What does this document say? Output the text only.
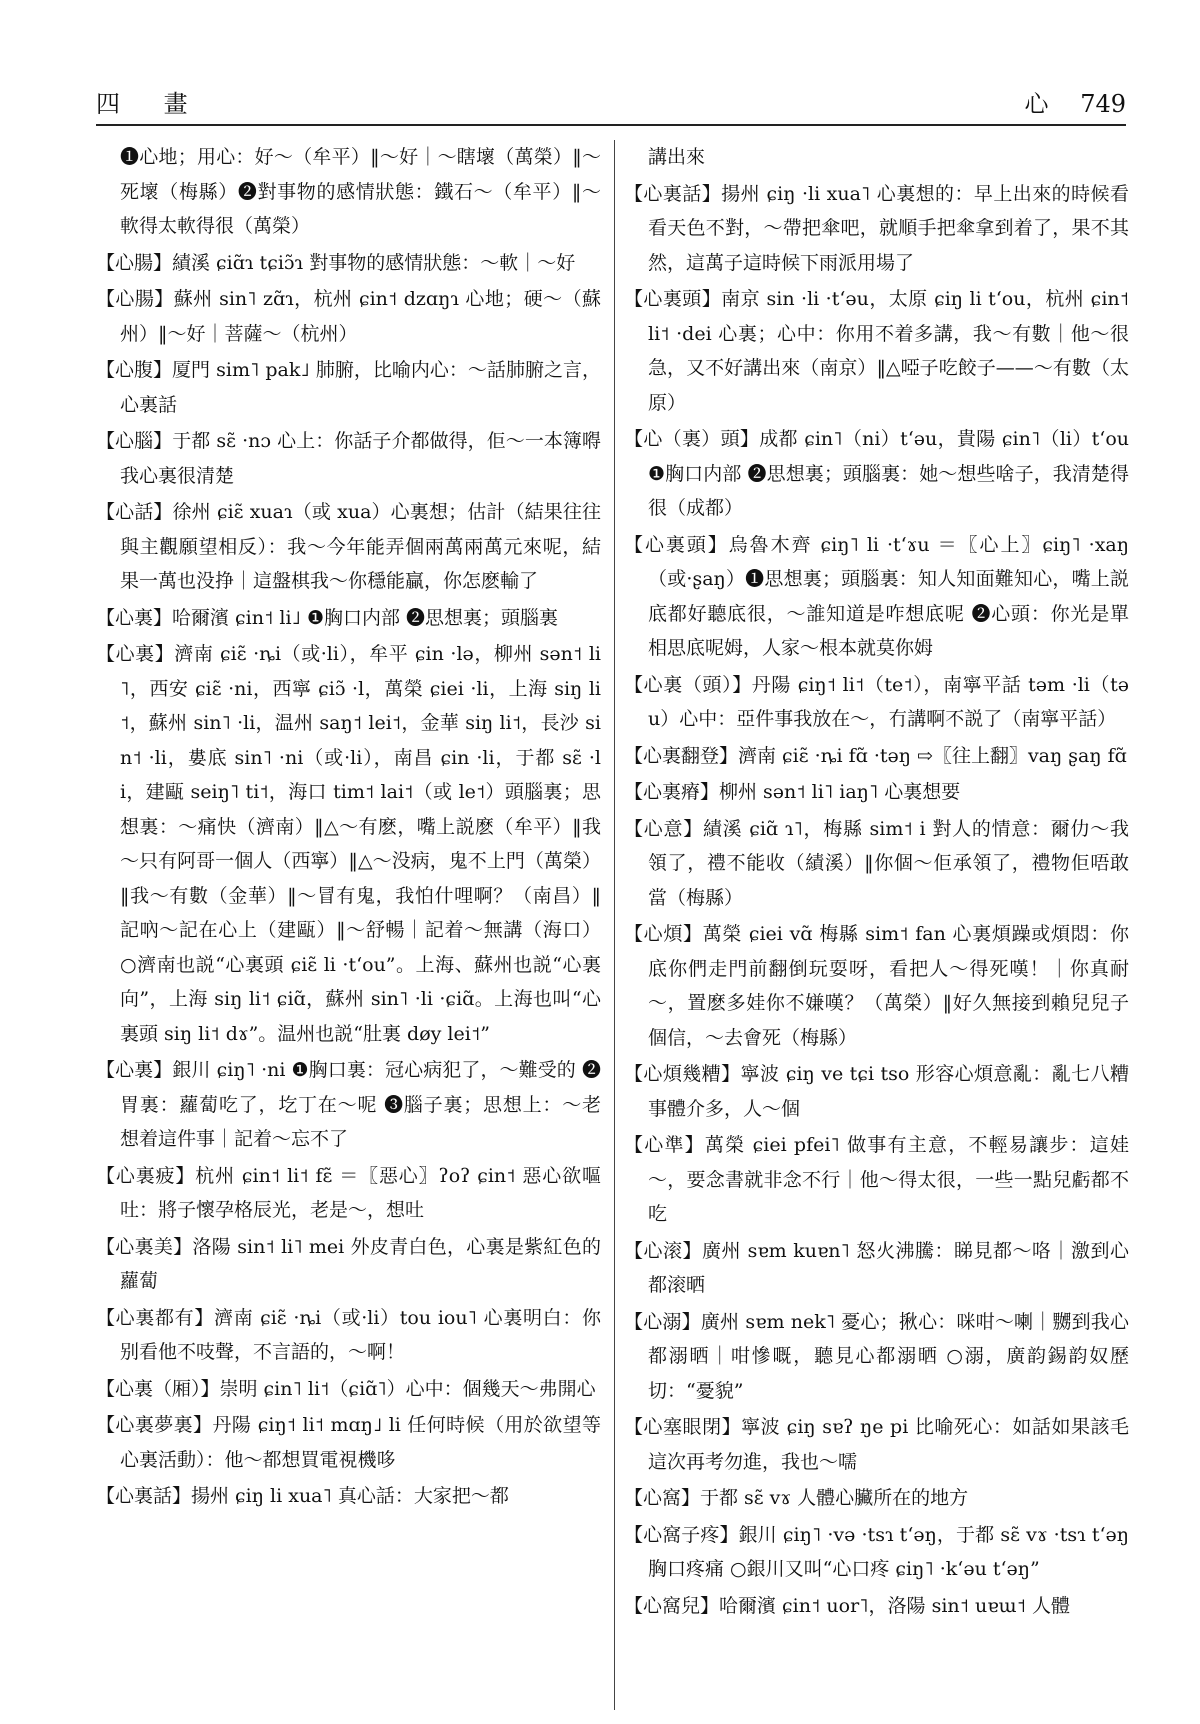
四 畫	心 749

❶心地；用心：好～（牟平）‖～好｜～瞎壞（萬榮）‖～死壞（梅縣）❷對事物的感情狀態：鐵石～（牟平）‖～軟得太軟得很（萬榮）

【心腸】績溪 ɕiɑ̃ɿ tɕiɔ̃ɿ 對事物的感情狀態：～軟｜～好

【心腸】蘇州 sin˥ zɑ̃ɿ，杭州 ɕin˦ dzɑŋɿ 心地；硬～（蘇州）‖～好｜菩薩～（杭州）

【心腹】厦門 sim˥ pak˩ 肺腑，比喻内心：～話肺腑之言，心裏話

【心腦】于都 sɛ̃ ·nɔ 心上：你話子介都做得，佢～一本簿嘚我心裏很清楚

【心話】徐州 ɕiɛ̃ xuaɿ（或 xua）心裏想；估計（結果往往與主觀願望相反）：我～今年能弄個兩萬兩萬元來呢，結果一萬也没挣｜這盤棋我～你穩能贏，你怎麽輸了

【心裏】哈爾濱 ɕin˦ li˩ ❶胸口内部 ❷思想裏；頭腦裏

【心裏】濟南 ɕiɛ̃ ·ȵi（或·li），牟平 ɕin ·lə，柳州 sən˦ li˥，西安 ɕiɛ̃ ·ni，西寧 ɕiɔ̃ ·l，萬榮 ɕiei ·li，上海 siŋ li˦，蘇州 sin˥ ·li，温州 saŋ˦ lei˦，金華 siŋ li˦，長沙 sin˦ ·li，婁底 sin˥ ·ni（或·li），南昌 ɕin ·li，于都 sɛ̃ ·li，建甌 seiŋ˥ ti˦，海口 tim˦ lai˦（或 le˦）頭腦裏；思想裏：～痛快（濟南）‖△～有麽，嘴上説麽（牟平）‖我～只有阿哥一個人（西寧）‖△～没病，鬼不上門（萬榮）‖我～有數（金華）‖～冒有鬼，我怕什哩啊？（南昌）‖記吶～記在心上（建甌）‖～舒暢｜記着～無講（海口）○濟南也説“心裏頭 ɕiɛ̃ li ·tʻou”。上海、蘇州也説“心裏向”，上海 siŋ li˦ ɕiɑ̃，蘇州 sin˥ ·li ·ɕiɑ̃。上海也叫“心裏頭 siŋ li˦ dɤ”。温州也説“肚裏 døy lei˦”

【心裏】銀川 ɕiŋ˥ ·ni ❶胸口裏：冠心病犯了，～難受的 ❷胃裏：蘿蔔吃了，圪丁在～呢 ❸腦子裏；思想上：～老想着這件事｜記着～忘不了

【心裏疲】杭州 ɕin˦ li˦ fɛ̃ ＝〖惡心〗ʔoʔ ɕin˦ 惡心欲嘔吐：將子懷孕格辰光，老是～，想吐

【心裏美】洛陽 sin˦ li˥ mei 外皮青白色，心裏是紫紅色的蘿蔔

【心裏都有】濟南 ɕiɛ̃ ·ȵi（或·li）tou iou˥ 心裏明白：你别看他不吱聲，不言語的，～啊！

【心裏（厢）】崇明 ɕin˥ li˦（ɕiɑ̃˥）心中：個幾天～弗開心

【心裏夢裏】丹陽 ɕiŋ˦ li˦ mɑŋ˩ li 任何時候（用於欲望等心裏活動）：他～都想買電視機哆

【心裏話】揚州 ɕiŋ li xua˥ 真心話：大家把～都

講出來

【心裏話】揚州 ɕiŋ ·li xua˥ 心裏想的：早上出來的時候看看天色不對，～帶把傘吧，就順手把傘拿到着了，果不其然，這萬子這時候下雨派用場了

【心裏頭】南京 sin ·li ·tʻəu，太原 ɕiŋ li tʻou，杭州 ɕin˦ li˦ ·dei 心裏；心中：你用不着多講，我～有數｜他～很急，又不好講出來（南京）‖△啞子吃餃子——～有數（太原）

【心（裏）頭】成都 ɕin˥（ni）tʻəu，貴陽 ɕin˥（li）tʻou ❶胸口内部 ❷思想裏；頭腦裏：她～想些啥子，我清楚得很（成都）

【心裏頭】烏魯木齊 ɕiŋ˥ li ·tʻɤu ＝〖心上〗ɕiŋ˥ ·xaŋ（或·ʂaŋ）❶思想裏；頭腦裏：知人知面難知心，嘴上説底都好聽底很，～誰知道是咋想底呢 ❷心頭：你光是單相思底呢姆，人家～根本就莫你姆

【心裏（頭）】丹陽 ɕiŋ˦ li˦（te˦），南寧平話 təm ·li（təu）心中：亞件事我放在～，冇講啊不説了（南寧平話）

【心裏翻登】濟南 ɕiɛ̃ ·ȵi fɑ̃ ·təŋ ⇨〖往上翻〗vaŋ ʂaŋ fɑ̃

【心裏瘠】柳州 sən˦ li˥ iaŋ˥ 心裏想要

【心意】績溪 ɕiɑ̃ ɿ˥，梅縣 sim˦ i 對人的情意：爾仂～我領了，禮不能收（績溪）‖你個～佢承領了，禮物佢唔敢當（梅縣）

【心煩】萬榮 ɕiei vɑ̃ 梅縣 sim˦ fan 心裏煩躁或煩悶：你底你們走門前翻倒玩耍呀，看把人～得死嘆！｜你真耐～，置麽多娃你不嫌嘆？（萬榮）‖好久無接到賴兒兒子個信，～去會死（梅縣）

【心煩幾糟】寧波 ɕiŋ ve tɕi tso 形容心煩意亂：亂七八糟事體介多，人～個

【心準】萬榮 ɕiei pfei˥ 做事有主意，不輕易讓步：這娃～，要念書就非念不行｜他～得太很，一些一點兒虧都不吃

【心滚】廣州 sɐm kuɐn˥ 怒火沸騰：睇見都～咯｜激到心都滚晒

【心溺】廣州 sɐm nek˥ 憂心；揪心：咪咁～喇｜嬲到我心都溺晒｜咁慘嘅，聽見心都溺晒 ○溺，廣韵錫韵奴歷切：“憂貌”

【心塞眼閉】寧波 ɕiŋ sɐʔ ŋe pi 比喻死心：如話如果該毛這次再考勿進，我也～嚅

【心窩】于都 sɛ̃ vɤ 人體心臟所在的地方

【心窩子疼】銀川 ɕiŋ˥ ·və ·tsɿ tʻəŋ，于都 sɛ̃ vɤ ·tsɿ tʻəŋ 胸口疼痛 ○銀川又叫“心口疼 ɕiŋ˥ ·kʻəu tʻəŋ”

【心窩兒】哈爾濱 ɕin˦ uor˥，洛陽 sin˦ uɐɯ˦ 人體
